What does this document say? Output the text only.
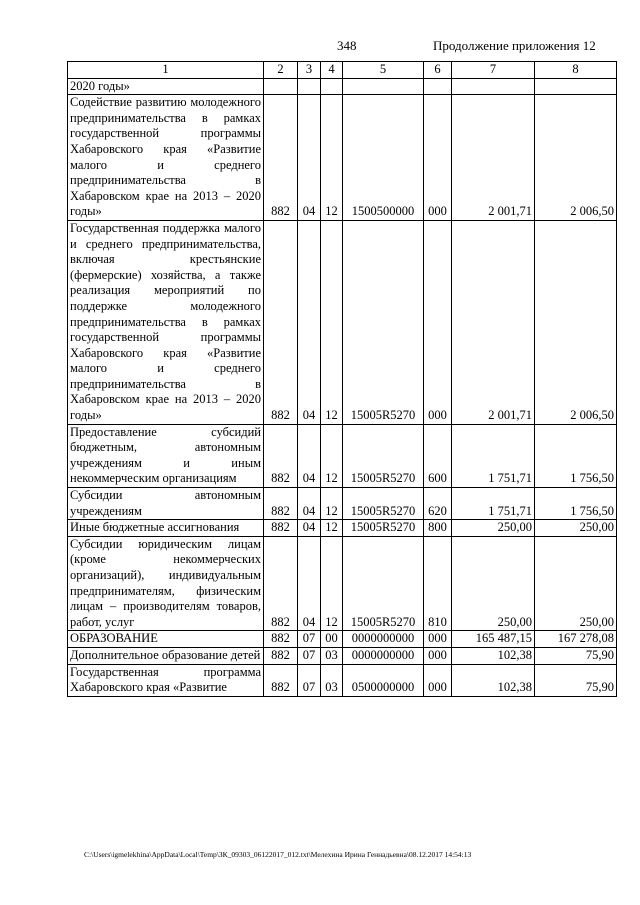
348	Продолжение приложения 12
1	2	3	4	5	6	7	8
2020 годы»							
Содействие развитию молодежного предпринимательства в рамках государственной программы Хабаровского края «Развитие малого и среднего предпринимательства в Хабаровском крае на 2013 – 2020 годы»	882	04	12	1500500000	000	2 001,71	2 006,50
Государственная поддержка малого и среднего предпринимательства, включая крестьянские (фермерские) хозяйства, а также реализация мероприятий по поддержке молодежного предпринимательства в рамках государственной программы Хабаровского края «Развитие малого и среднего предпринимательства в Хабаровском крае на 2013 – 2020 годы»	882	04	12	15005R5270	000	2 001,71	2 006,50
Предоставление субсидий бюджетным, автономным учреждениям и иным некоммерческим организациям	882	04	12	15005R5270	600	1 751,71	1 756,50
Субсидии автономным учреждениям	882	04	12	15005R5270	620	1 751,71	1 756,50
Иные бюджетные ассигнования	882	04	12	15005R5270	800	250,00	250,00
Субсидии юридическим лицам (кроме некоммерческих организаций), индивидуальным предпринимателям, физическим лицам – производителям товаров, работ, услуг	882	04	12	15005R5270	810	250,00	250,00
ОБРАЗОВАНИЕ	882	07	00	0000000000	000	165 487,15	167 278,08
Дополнительное образование детей	882	07	03	0000000000	000	102,38	75,90
Государственная программа Хабаровского края «Развитие	882	07	03	0500000000	000	102,38	75,90
C:\Users\igmelekhina\AppData\Local\Temp\ЗК_09303_06122017_012.txt\Мелехина Ирина Геннадьевна\08.12.2017 14:54:13
